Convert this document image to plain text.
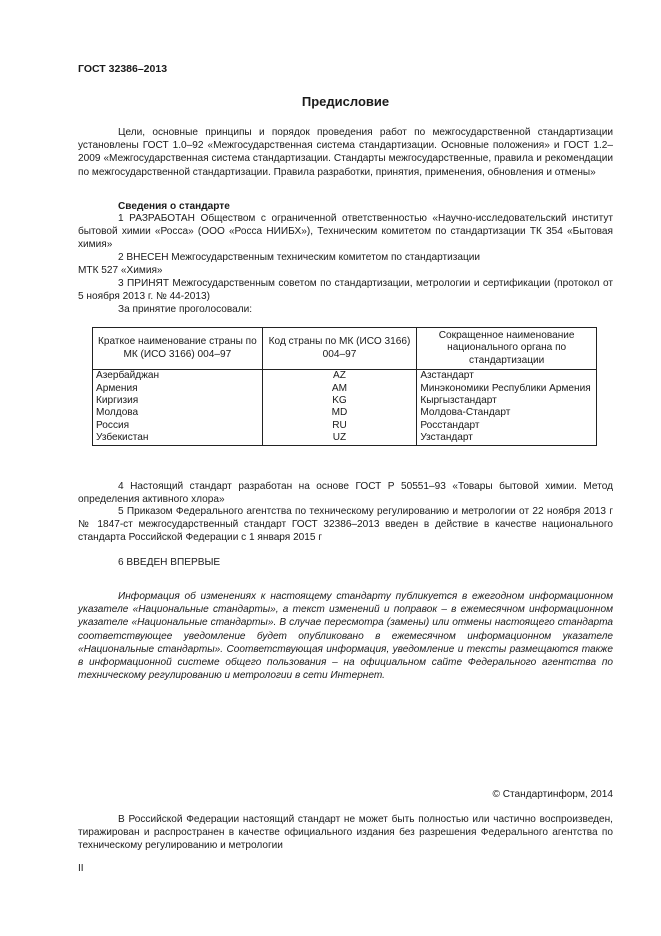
ГОСТ 32386–2013
Предисловие
Цели, основные принципы и порядок проведения работ по межгосударственной стандартизации установлены ГОСТ 1.0–92 «Межгосударственная система стандартизации. Основные положения» и ГОСТ 1.2–2009 «Межгосударственная система стандартизации. Стандарты межгосударственные, правила и рекомендации по межгосударственной стандартизации. Правила разработки, принятия, применения, обновления и отмены»
Сведения о стандарте
1 РАЗРАБОТАН Обществом с ограниченной ответственностью «Научно-исследовательский институт бытовой химии «Росса» (ООО «Росса НИИБХ»), Техническим комитетом по стандартизации ТК 354 «Бытовая химия»
2 ВНЕСЕН Межгосударственным техническим комитетом по стандартизации
МТК 527 «Химия»
3 ПРИНЯТ Межгосударственным советом по стандартизации, метрологии и сертификации (протокол от 5 ноября 2013 г. № 44-2013)
За принятие проголосовали:
Краткое наименование страны по МК (ИСО 3166) 004–97	Код страны по МК (ИСО 3166) 004–97	Сокращенное наименование национального органа по стандартизации
Азербайджан	AZ	Азстандарт
Армения	AM	Минэкономики Республики Армения
Киргизия	KG	Кыргызстандарт
Молдова	MD	Молдова-Стандарт
Россия	RU	Росстандарт
Узбекистан	UZ	Узстандарт
4 Настоящий стандарт разработан на основе ГОСТ Р 50551–93 «Товары бытовой химии. Метод определения активного хлора»
5 Приказом Федерального агентства по техническому регулированию и метрологии от 22 ноября 2013 г № 1847-ст межгосударственный стандарт ГОСТ 32386–2013 введен в действие в качестве национального стандарта Российской Федерации с 1 января 2015 г
6 ВВЕДЕН ВПЕРВЫЕ
Информация об изменениях к настоящему стандарту публикуется в ежегодном информационном указателе «Национальные стандарты», а текст изменений и поправок – в ежемесячном информационном указателе «Национальные стандарты». В случае пересмотра (замены) или отмены настоящего стандарта соответствующее уведомление будет опубликовано в ежемесячном информационном указателе «Национальные стандарты». Соответствующая информация, уведомление и тексты размещаются также в информационной системе общего пользования – на официальном сайте Федерального агентства по техническому регулированию и метрологии в сети Интернет.
© Стандартинформ, 2014
В Российской Федерации настоящий стандарт не может быть полностью или частично воспроизведен, тиражирован и распространен в качестве официального издания без разрешения Федерального агентства по техническому регулированию и метрологии
II
